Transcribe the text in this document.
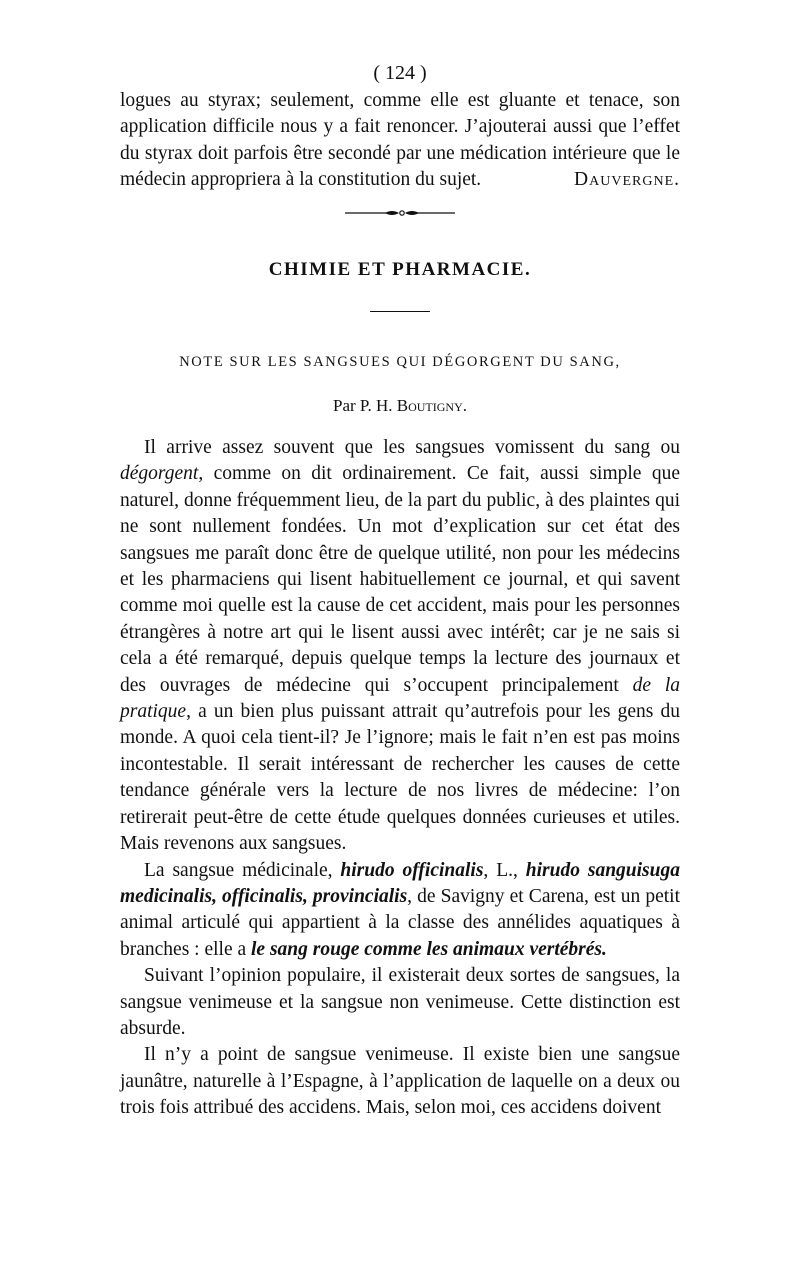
( 124 )

logues au styrax; seulement, comme elle est gluante et tenace, son application difficile nous y a fait renoncer. J’ajouterai aussi que l’effet du styrax doit parfois être secondé par une médication intérieure que le médecin appropriera à la constitution du sujet.	Dauvergne.

CHIMIE ET PHARMACIE.
NOTE SUR LES SANGSUES QUI DÉGORGENT DU SANG,
Par P. H. Boutigny.

Il arrive assez souvent que les sangsues vomissent du sang ou dégorgent, comme on dit ordinairement. Ce fait, aussi simple que naturel, donne fréquemment lieu, de la part du public, à des plaintes qui ne sont nullement fondées. Un mot d’explication sur cet état des sangsues me paraît donc être de quelque utilité, non pour les médecins et les pharmaciens qui lisent habituellement ce journal, et qui savent comme moi quelle est la cause de cet accident, mais pour les personnes étrangères à notre art qui le lisent aussi avec intérêt; car je ne sais si cela a été remarqué, depuis quelque temps la lecture des journaux et des ouvrages de médecine qui s’occupent principalement de la pratique, a un bien plus puissant attrait qu’autrefois pour les gens du monde. A quoi cela tient-il? Je l’ignore; mais le fait n’en est pas moins incontestable. Il serait intéressant de rechercher les causes de cette tendance générale vers la lecture de nos livres de médecine: l’on retirerait peut-être de cette étude quelques données curieuses et utiles. Mais revenons aux sangsues.

La sangsue médicinale, hirudo officinalis, L., hirudo sanguisuga medicinalis, officinalis, provincialis, de Savigny et Carena, est un petit animal articulé qui appartient à la classe des annélides aquatiques à branches : elle a le sang rouge comme les animaux vertébrés.

Suivant l’opinion populaire, il existerait deux sortes de sangsues, la sangsue venimeuse et la sangsue non venimeuse. Cette distinction est absurde.

Il n’y a point de sangsue venimeuse. Il existe bien une sangsue jaunâtre, naturelle à l’Espagne, à l’application de laquelle on a deux ou trois fois attribué des accidens. Mais, selon moi, ces accidens doivent
